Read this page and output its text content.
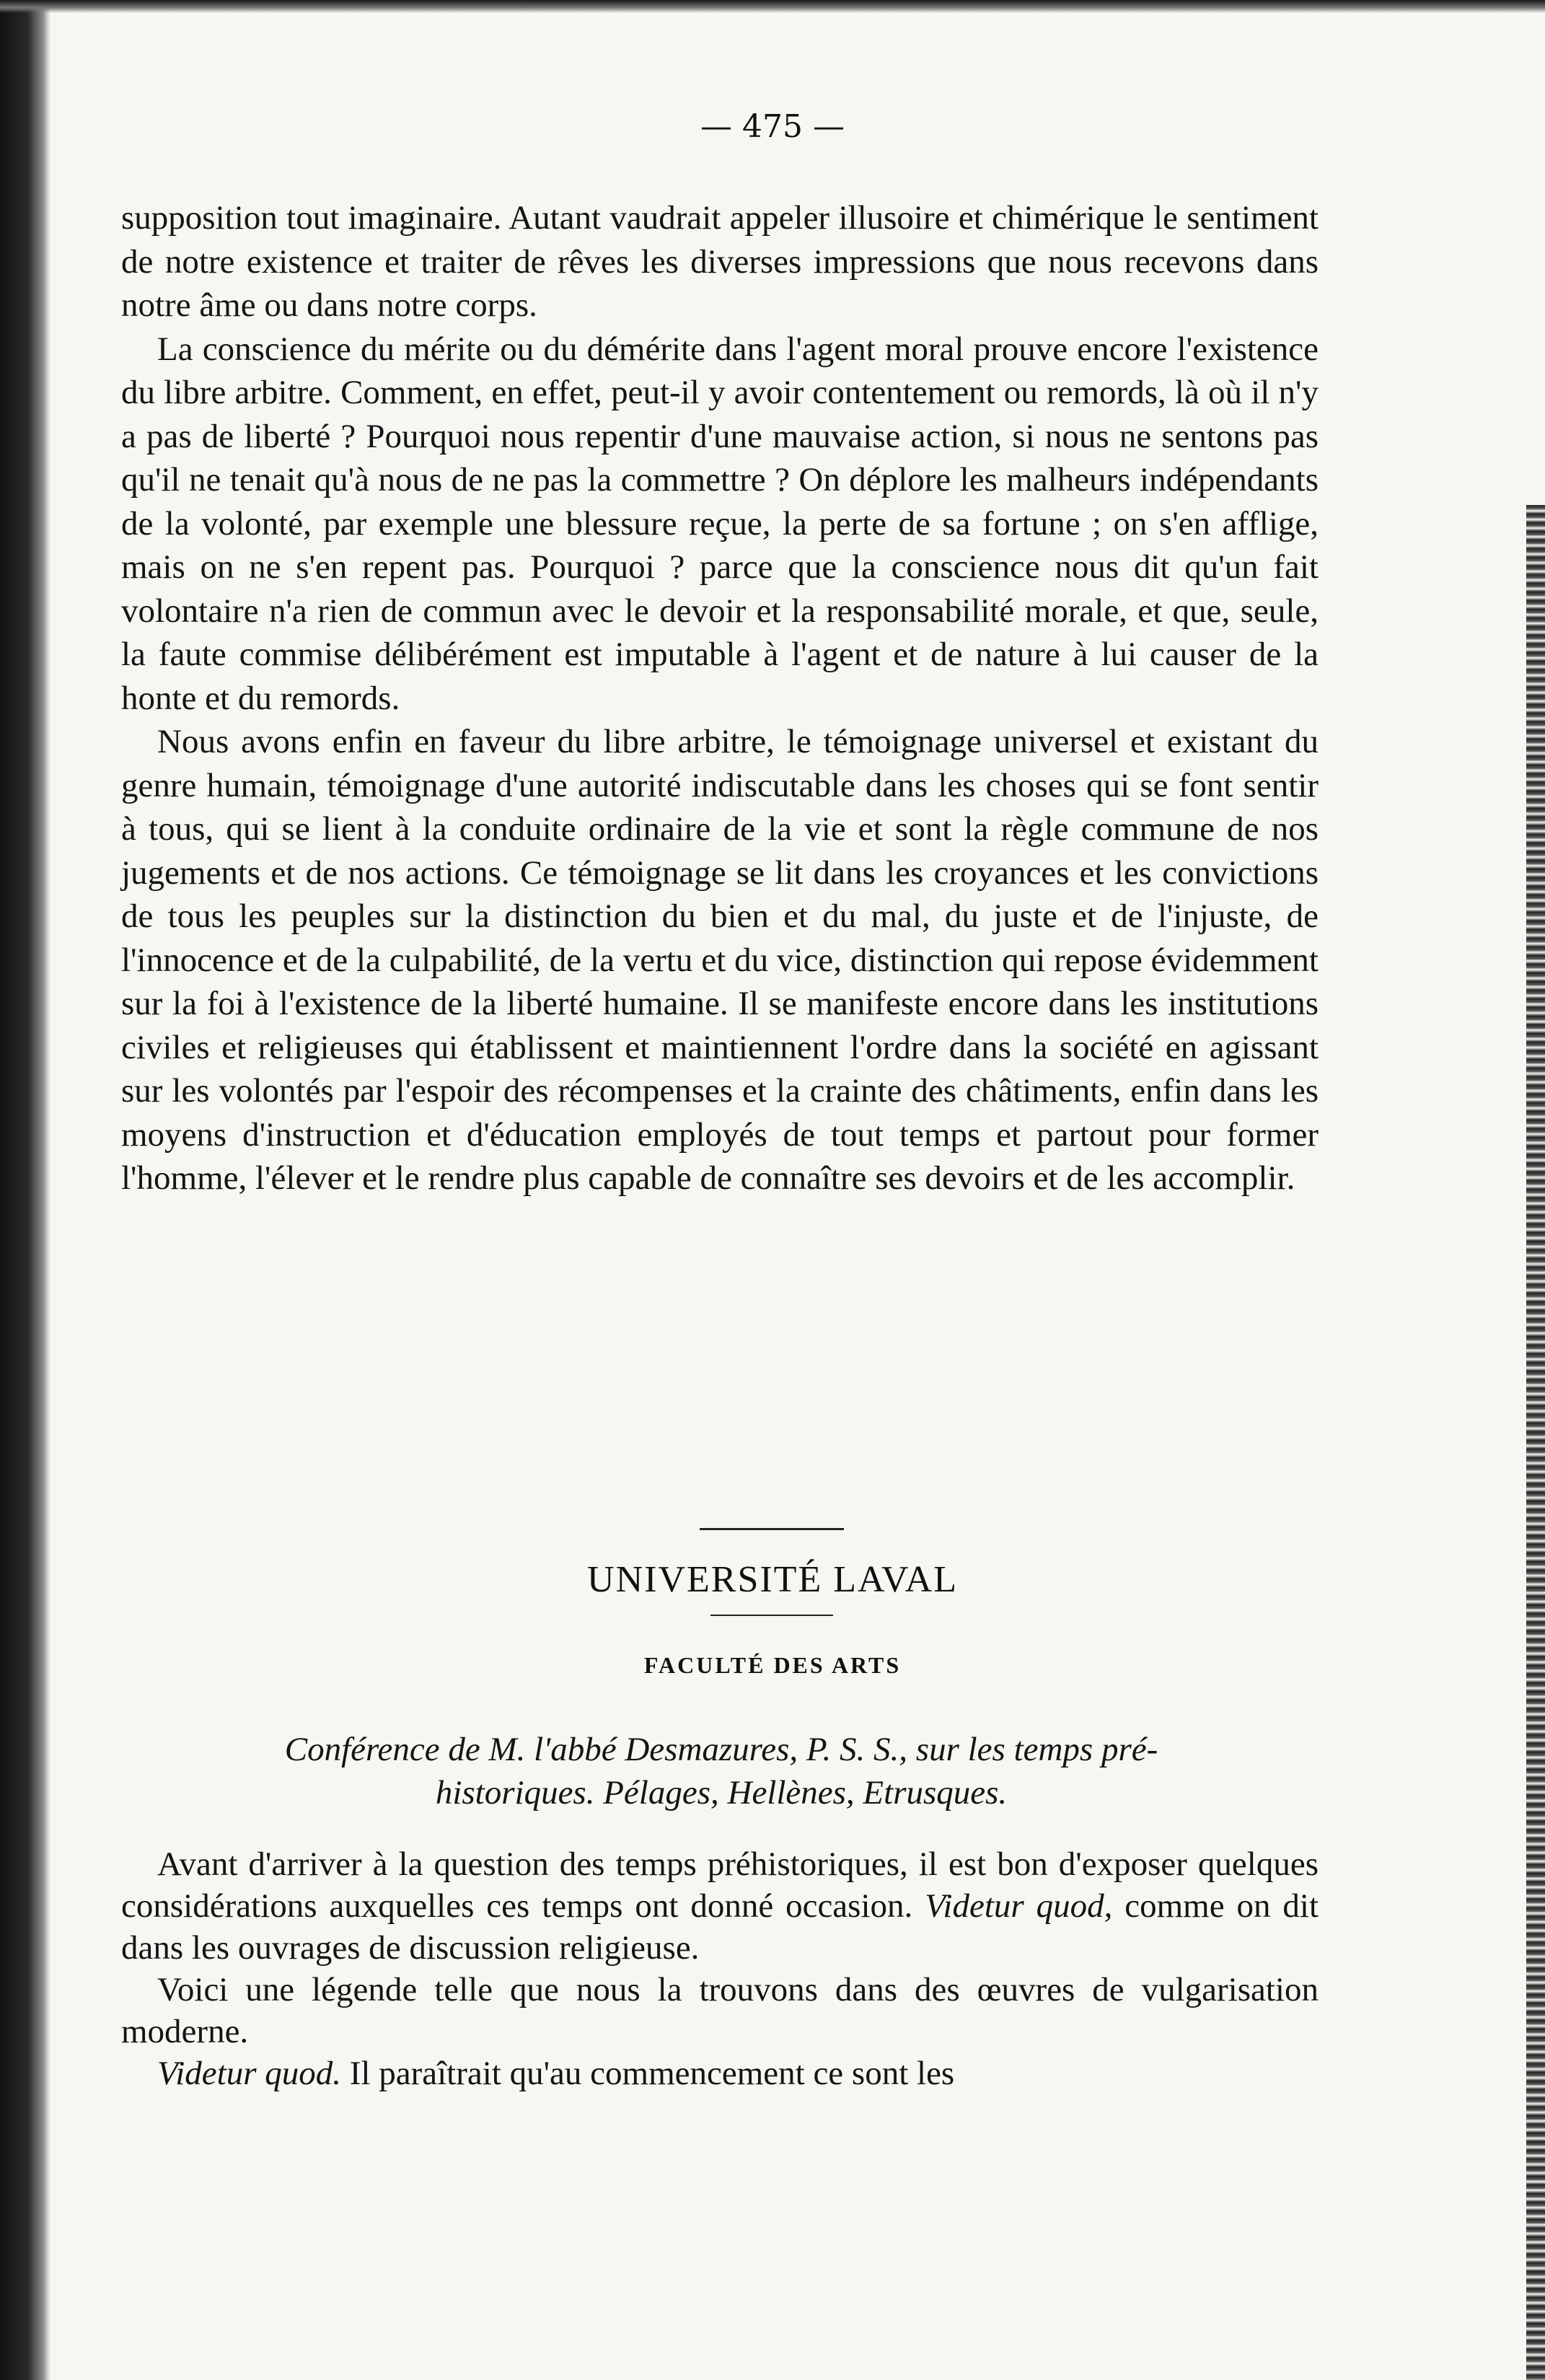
— 475 —

supposition tout imaginaire. Autant vaudrait appeler illusoire et chimérique le sentiment de notre existence et traiter de rêves les diverses impressions que nous recevons dans notre âme ou dans notre corps.

La conscience du mérite ou du démérite dans l'agent moral prouve encore l'existence du libre arbitre. Comment, en effet, peut-il y avoir contentement ou remords, là où il n'y a pas de liberté ? Pourquoi nous repentir d'une mauvaise action, si nous ne sentons pas qu'il ne tenait qu'à nous de ne pas la commettre ? On déplore les malheurs indépendants de la volonté, par exemple une blessure reçue, la perte de sa fortune ; on s'en afflige, mais on ne s'en repent pas. Pourquoi ? parce que la conscience nous dit qu'un fait volontaire n'a rien de commun avec le devoir et la responsabilité morale, et que, seule, la faute commise délibérément est imputable à l'agent et de nature à lui causer de la honte et du remords.

Nous avons enfin en faveur du libre arbitre, le témoignage universel et existant du genre humain, témoignage d'une autorité indiscutable dans les choses qui se font sentir à tous, qui se lient à la conduite ordinaire de la vie et sont la règle commune de nos jugements et de nos actions. Ce témoignage se lit dans les croyances et les convictions de tous les peuples sur la distinction du bien et du mal, du juste et de l'injuste, de l'innocence et de la culpabilité, de la vertu et du vice, distinction qui repose évidemment sur la foi à l'existence de la liberté humaine. Il se manifeste encore dans les institutions civiles et religieuses qui établissent et maintiennent l'ordre dans la société en agissant sur les volontés par l'espoir des récompenses et la crainte des châtiments, enfin dans les moyens d'instruction et d'éducation employés de tout temps et partout pour former l'homme, l'élever et le rendre plus capable de connaître ses devoirs et de les accomplir.

UNIVERSITÉ LAVAL
FACULTÉ DES ARTS
Conférence de M. l'abbé Desmazures, P. S. S., sur les temps pré-
historiques. Pélages, Hellènes, Etrusques.

Avant d'arriver à la question des temps préhistoriques, il est bon d'exposer quelques considérations auxquelles ces temps ont donné occasion. Videtur quod, comme on dit dans les ouvrages de discussion religieuse.

Voici une légende telle que nous la trouvons dans des œuvres de vulgarisation moderne.

Videtur quod. Il paraîtrait qu'au commencement ce sont les
